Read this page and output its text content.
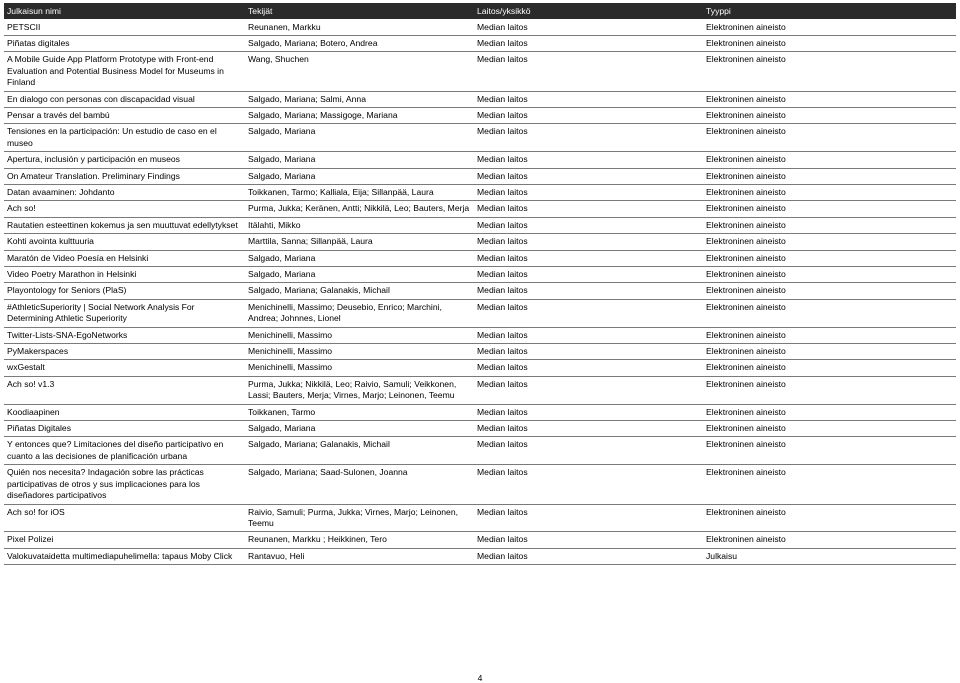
Julkaisun nimi	Tekijät	Laitos/yksikkö	Tyyppi
PETSCII	Reunanen, Markku	Median laitos	Elektroninen aineisto
Piñatas digitales	Salgado, Mariana; Botero, Andrea	Median laitos	Elektroninen aineisto
A Mobile Guide App Platform Prototype with Front-end Evaluation and Potential Business Model for Museums in Finland	Wang, Shuchen	Median laitos	Elektroninen aineisto
En dialogo con personas con discapacidad visual	Salgado, Mariana; Salmi, Anna	Median laitos	Elektroninen aineisto
Pensar a través del bambú	Salgado, Mariana; Massigoge, Mariana	Median laitos	Elektroninen aineisto
Tensiones en la participación: Un estudio de caso en el museo	Salgado, Mariana	Median laitos	Elektroninen aineisto
Apertura, inclusión y participación en museos	Salgado, Mariana	Median laitos	Elektroninen aineisto
On Amateur Translation. Preliminary Findings	Salgado, Mariana	Median laitos	Elektroninen aineisto
Datan avaaminen: Johdanto	Toikkanen, Tarmo; Kalliala, Eija; Sillanpää, Laura	Median laitos	Elektroninen aineisto
Ach so!	Purma, Jukka; Keränen, Antti; Nikkilä, Leo; Bauters, Merja	Median laitos	Elektroninen aineisto
Rautatien esteettinen kokemus ja sen muuttuvat edellytykset	Itälahti, Mikko	Median laitos	Elektroninen aineisto
Kohti avointa kulttuuria	Marttila, Sanna; Sillanpää, Laura	Median laitos	Elektroninen aineisto
Maratón de Video Poesía en Helsinki	Salgado, Mariana	Median laitos	Elektroninen aineisto
Video Poetry Marathon in Helsinki	Salgado, Mariana	Median laitos	Elektroninen aineisto
Playontology for Seniors (PlaS)	Salgado, Mariana; Galanakis, Michail	Median laitos	Elektroninen aineisto
#AthleticSuperiority | Social Network Analysis For Determining Athletic Superiority	Menichinelli, Massimo; Deusebio, Enrico; Marchini, Andrea; Johnnes, Lionel	Median laitos	Elektroninen aineisto
Twitter-Lists-SNA-EgoNetworks	Menichinelli, Massimo	Median laitos	Elektroninen aineisto
PyMakerspaces	Menichinelli, Massimo	Median laitos	Elektroninen aineisto
wxGestalt	Menichinelli, Massimo	Median laitos	Elektroninen aineisto
Ach so! v1.3	Purma, Jukka; Nikkilä, Leo; Raivio, Samuli; Veikkonen, Lassi; Bauters, Merja; Virnes, Marjo; Leinonen, Teemu	Median laitos	Elektroninen aineisto
Koodiaapinen	Toikkanen, Tarmo	Median laitos	Elektroninen aineisto
Piñatas Digitales	Salgado, Mariana	Median laitos	Elektroninen aineisto
Y entonces que? Limitaciones del diseño participativo en cuanto a las decisiones de planificación urbana	Salgado, Mariana; Galanakis, Michail	Median laitos	Elektroninen aineisto
Quién nos necesita? Indagación sobre las prácticas participativas de otros y sus implicaciones para los diseñadores participativos	Salgado, Mariana; Saad-Sulonen, Joanna	Median laitos	Elektroninen aineisto
Ach so! for iOS	Raivio, Samuli; Purma, Jukka; Virnes, Marjo; Leinonen, Teemu	Median laitos	Elektroninen aineisto
Pixel Polizei	Reunanen, Markku ; Heikkinen, Tero	Median laitos	Elektroninen aineisto
Valokuvataidetta multimediapuhelimella: tapaus Moby Click	Rantavuo, Heli	Median laitos	Julkaisu
4
